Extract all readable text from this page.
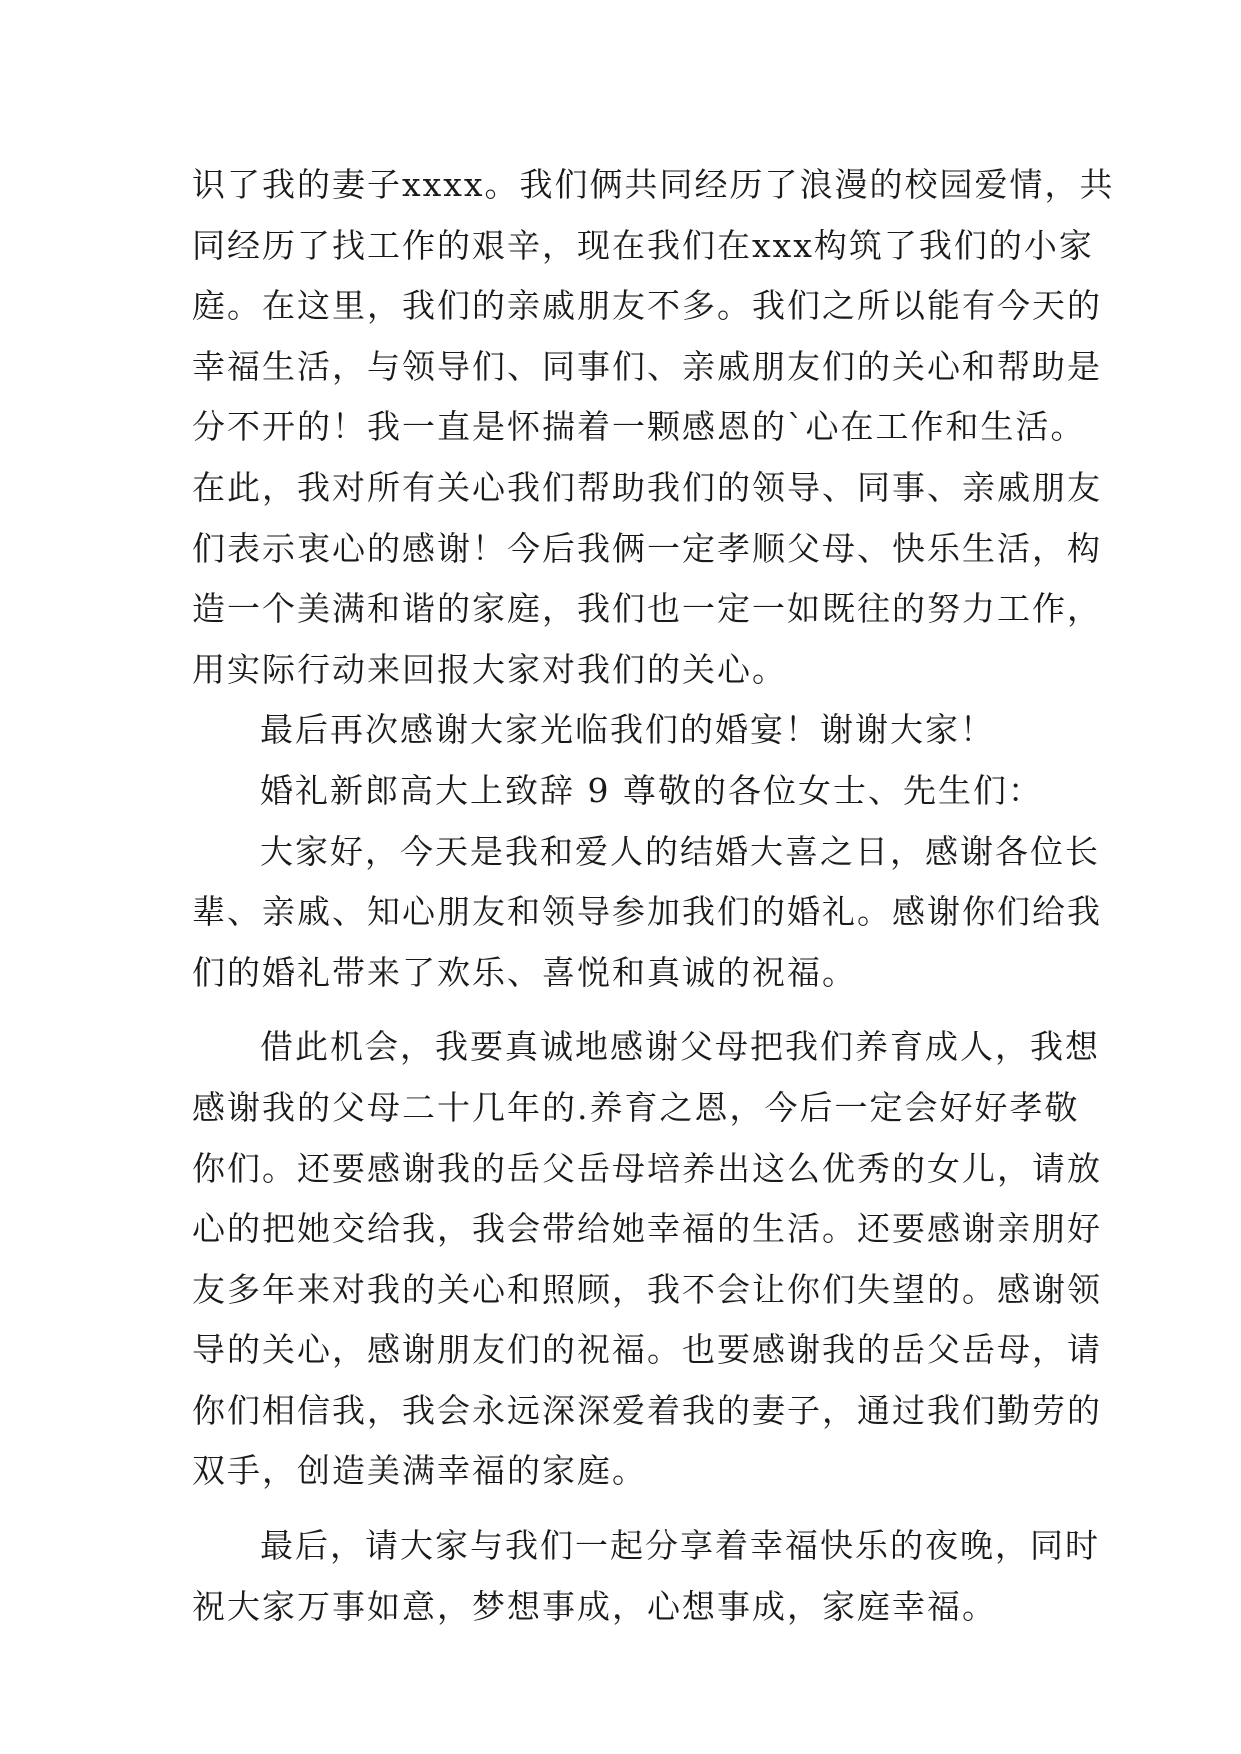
识了我的妻子xxxx。我们俩共同经历了浪漫的校园爱情，共
同经历了找工作的艰辛，现在我们在xxx构筑了我们的小家
庭。在这里，我们的亲戚朋友不多。我们之所以能有今天的
幸福生活，与领导们、同事们、亲戚朋友们的关心和帮助是
分不开的！我一直是怀揣着一颗感恩的`心在工作和生活。
在此，我对所有关心我们帮助我们的领导、同事、亲戚朋友
们表示衷心的感谢！今后我俩一定孝顺父母、快乐生活，构
造一个美满和谐的家庭，我们也一定一如既往的努力工作，
用实际行动来回报大家对我们的关心。
最后再次感谢大家光临我们的婚宴！谢谢大家！
婚礼新郎高大上致辞 9 尊敬的各位女士、先生们：
大家好，今天是我和爱人的结婚大喜之日，感谢各位长
辈、亲戚、知心朋友和领导参加我们的婚礼。感谢你们给我
们的婚礼带来了欢乐、喜悦和真诚的祝福。
借此机会，我要真诚地感谢父母把我们养育成人，我想
感谢我的父母二十几年的.养育之恩，今后一定会好好孝敬
你们。还要感谢我的岳父岳母培养出这么优秀的女儿，请放
心的把她交给我，我会带给她幸福的生活。还要感谢亲朋好
友多年来对我的关心和照顾，我不会让你们失望的。感谢领
导的关心，感谢朋友们的祝福。也要感谢我的岳父岳母，请
你们相信我，我会永远深深爱着我的妻子，通过我们勤劳的
双手，创造美满幸福的家庭。
最后，请大家与我们一起分享着幸福快乐的夜晚，同时
祝大家万事如意，梦想事成，心想事成，家庭幸福。
